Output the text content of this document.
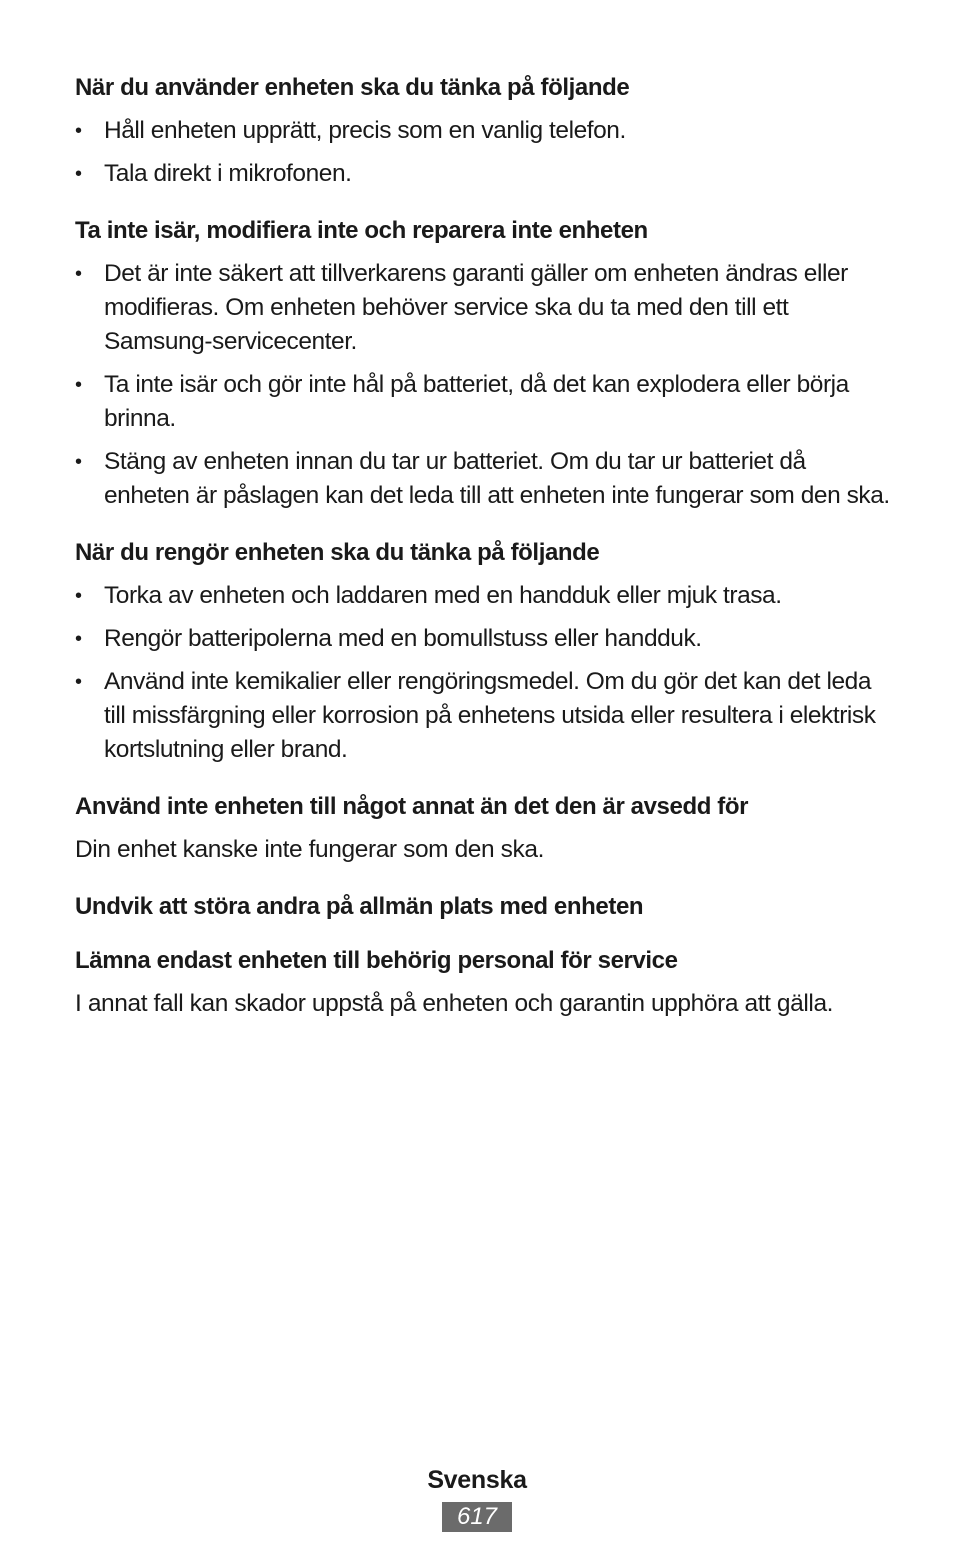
När du använder enheten ska du tänka på följande
• Håll enheten upprätt, precis som en vanlig telefon.
• Tala direkt i mikrofonen.
Ta inte isär, modifiera inte och reparera inte enheten
• Det är inte säkert att tillverkarens garanti gäller om enheten ändras eller modifieras. Om enheten behöver service ska du ta med den till ett Samsung-servicecenter.
• Ta inte isär och gör inte hål på batteriet, då det kan explodera eller börja brinna.
• Stäng av enheten innan du tar ur batteriet. Om du tar ur batteriet då enheten är påslagen kan det leda till att enheten inte fungerar som den ska.
När du rengör enheten ska du tänka på följande
• Torka av enheten och laddaren med en handduk eller mjuk trasa.
• Rengör batteripolerna med en bomullstuss eller handduk.
• Använd inte kemikalier eller rengöringsmedel. Om du gör det kan det leda till missfärgning eller korrosion på enhetens utsida eller resultera i elektrisk kortslutning eller brand.
Använd inte enheten till något annat än det den är avsedd för

Din enhet kanske inte fungerar som den ska.

Undvik att störa andra på allmän plats med enheten
Lämna endast enheten till behörig personal för service

I annat fall kan skador uppstå på enheten och garantin upphöra att gälla.

Svenska
617
